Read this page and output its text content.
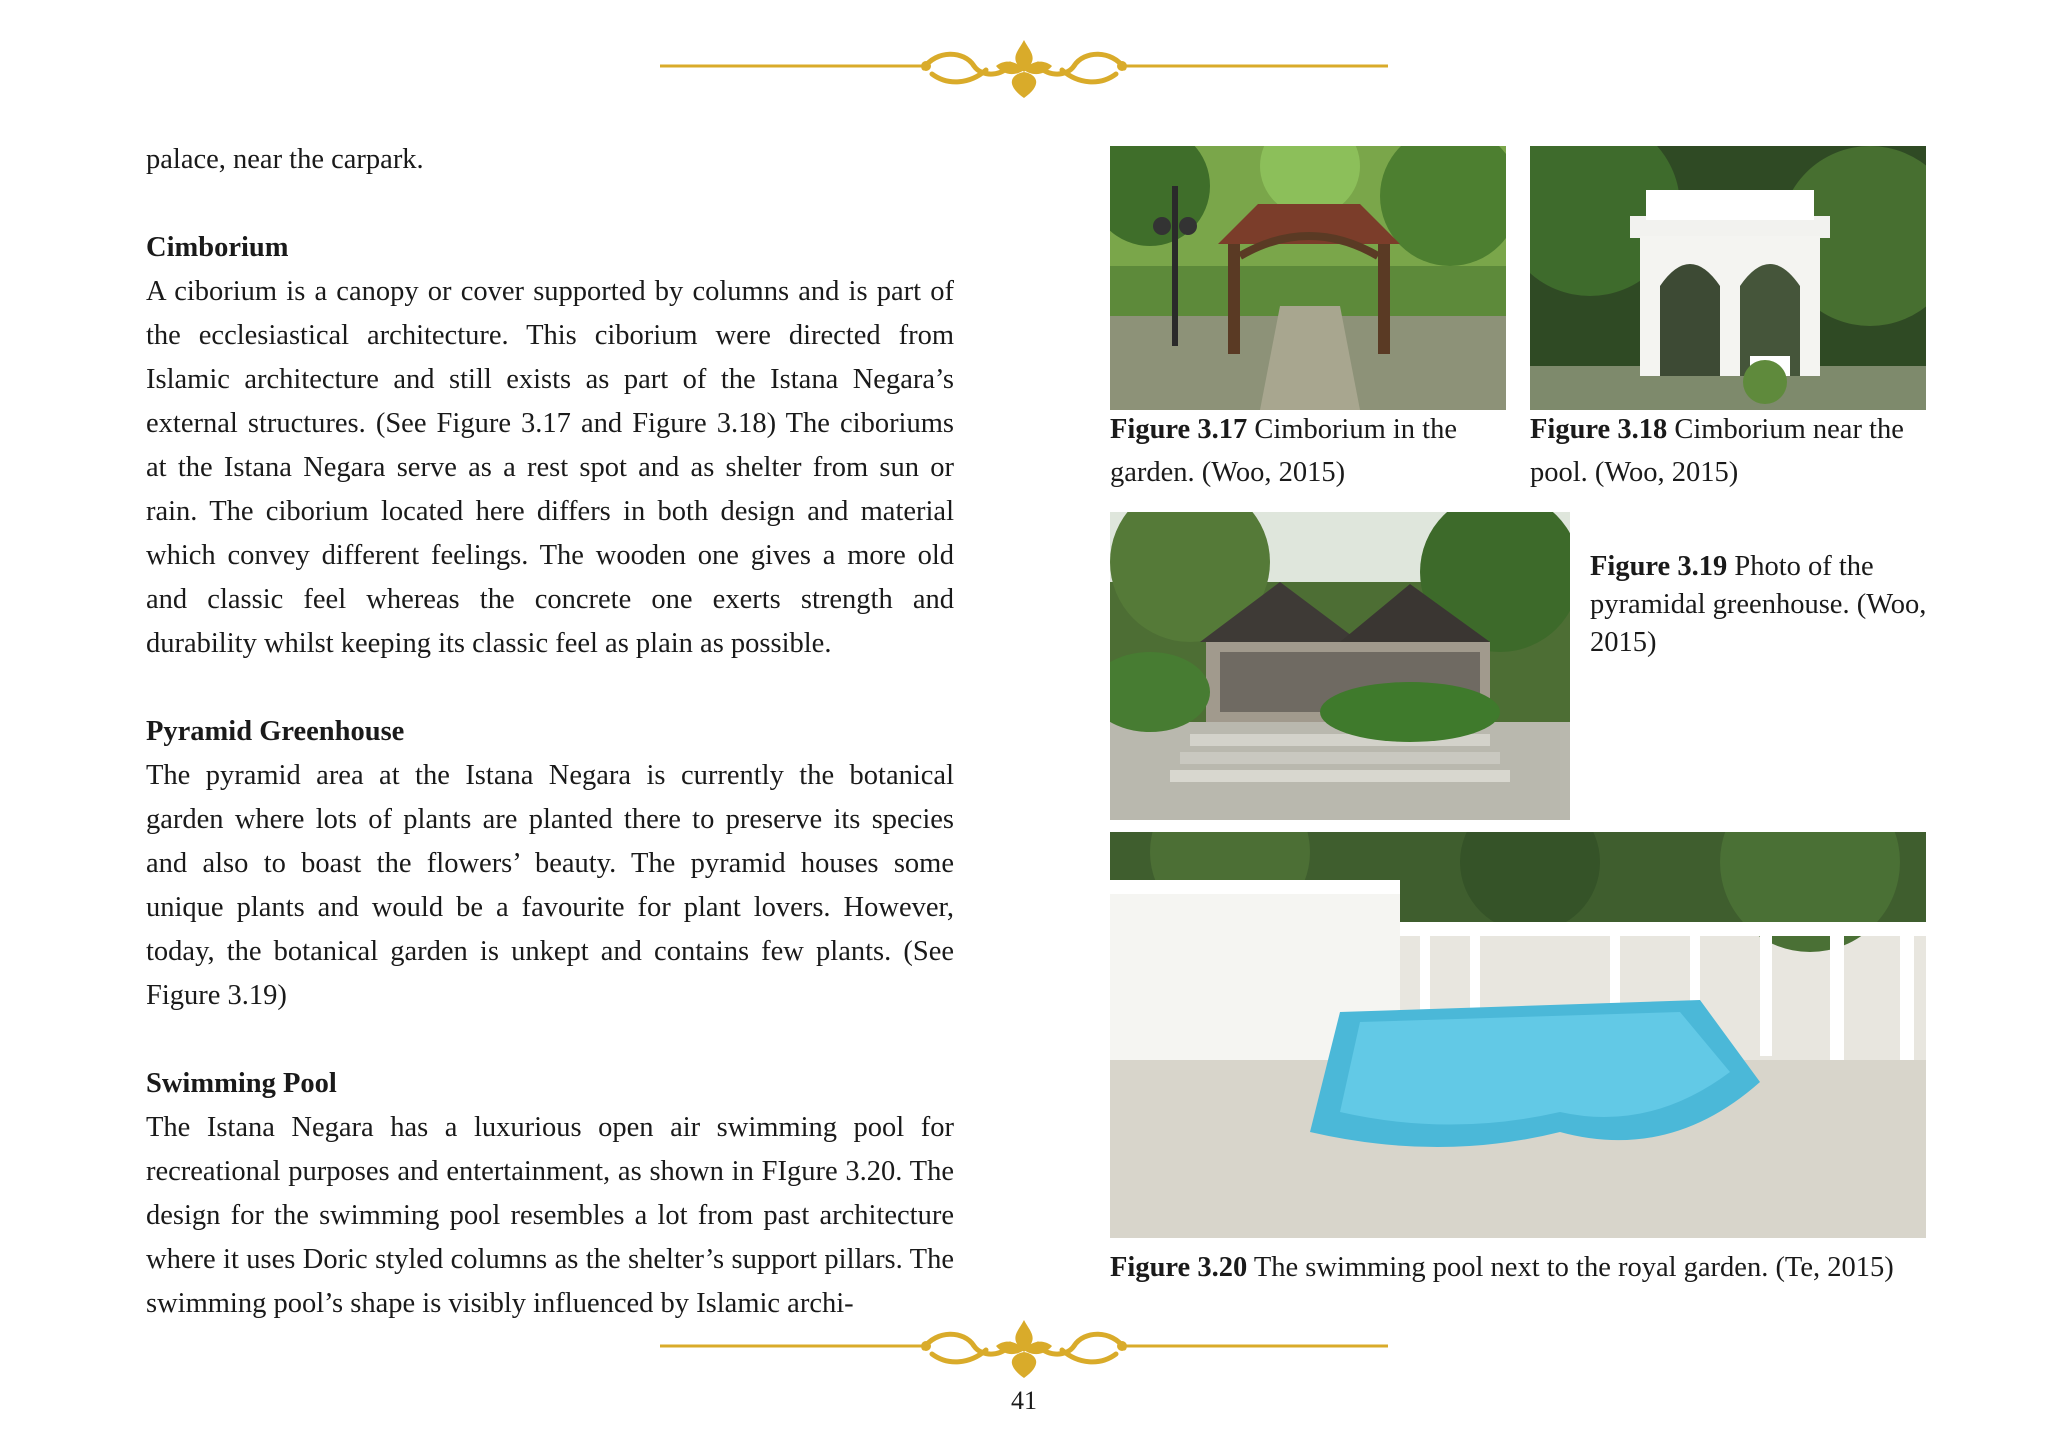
palace, near the carpark.

Cimborium

A ciborium is a canopy or cover supported by columns and is part of the ecclesiastical architecture. This ciborium were directed from Islamic architecture and still exists as part of the Istana Negara’s external structures. (See Figure 3.17 and Figure 3.18) The ciboriums at the Istana Negara serve as a rest spot and as shelter from sun or rain. The ciborium located here differs in both design and material which convey different feelings. The wooden one gives a more old and classic feel whereas the concrete one exerts strength and durability whilst keeping its classic feel as plain as possible.

Pyramid Greenhouse

The pyramid area at the Istana Negara is currently the botanical garden where lots of plants are planted there to preserve its species and also to boast the flowers’ beauty. The pyramid houses some unique plants and would be a favourite for plant lovers. However, today, the botanical garden is unkept and contains few plants. (See Figure 3.19)

Swimming Pool

The Istana Negara has a luxurious open air swimming pool for recreational purposes and entertainment, as shown in FIgure 3.20. The design for the swimming pool resembles a lot from past architecture where it uses Doric styled columns as the shelter’s support pillars. The swimming pool’s shape is visibly influenced by Islamic archi-

Figure 3.17 Cimborium in the garden. (Woo, 2015)

Figure 3.18 Cimborium near the pool. (Woo, 2015)

Figure 3.19 Photo of the pyramidal greenhouse. (Woo, 2015)

Figure 3.20 The swimming pool next to the royal garden. (Te, 2015)

41
